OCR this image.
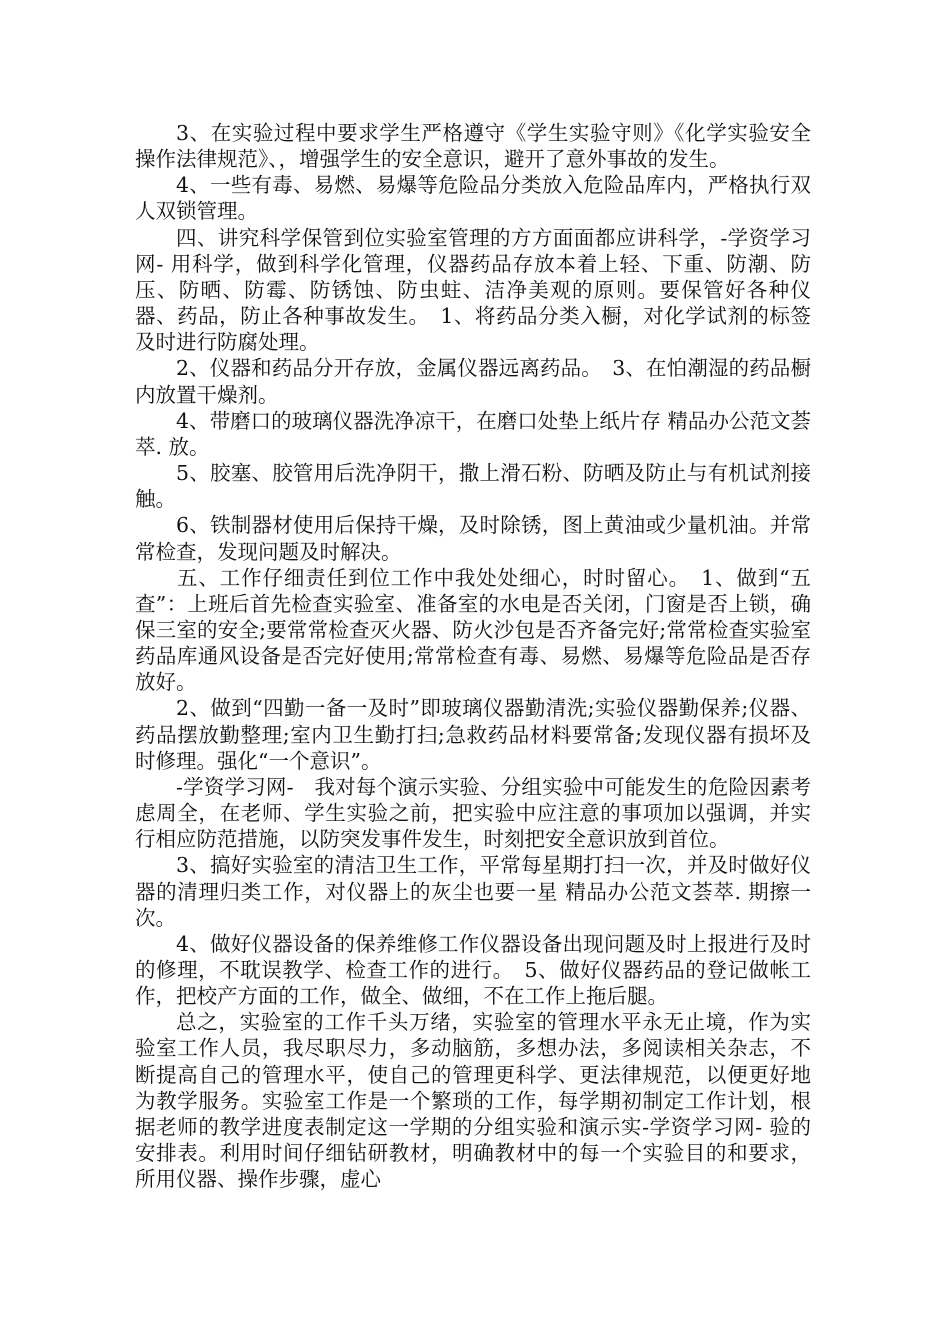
3、在实验过程中要求学生严格遵守《学生实验守则》《化学实验安全操作法律规范》、，增强学生的安全意识，避开了意外事故的发生。

4、一些有毒、易燃、易爆等危险品分类放入危险品库内，严格执行双人双锁管理。

四、讲究科学保管到位实验室管理的方方面面都应讲科学，-学资学习网- 用科学，做到科学化管理，仪器药品存放本着上轻、下重、防潮、防压、防晒、防霉、防锈蚀、防虫蛀、洁净美观的原则。要保管好各种仪器、药品，防止各种事故发生。　1、将药品分类入橱，对化学试剂的标签及时进行防腐处理。

2、仪器和药品分开存放，金属仪器远离药品。　3、在怕潮湿的药品橱内放置干燥剂。

4、带磨口的玻璃仪器洗净凉干，在磨口处垫上纸片存 精品办公范文荟萃. 放。

5、胶塞、胶管用后洗净阴干，撒上滑石粉、防晒及防止与有机试剂接触。

6、铁制器材使用后保持干燥，及时除锈，图上黄油或少量机油。并常常检查，发现问题及时解决。

五、工作仔细责任到位工作中我处处细心，时时留心。　1、做到“五查”：上班后首先检查实验室、准备室的水电是否关闭，门窗是否上锁，确保三室的安全;要常常检查灭火器、防火沙包是否齐备完好;常常检查实验室药品库通风设备是否完好使用;常常检查有毒、易燃、易爆等危险品是否存放好。

2、做到“四勤一备一及时”即玻璃仪器勤清洗;实验仪器勤保养;仪器、药品摆放勤整理;室内卫生勤打扫;急救药品材料要常备;发现仪器有损坏及时修理。强化“一个意识”。

-学资学习网-　我对每个演示实验、分组实验中可能发生的危险因素考虑周全，在老师、学生实验之前，把实验中应注意的事项加以强调，并实行相应防范措施，以防突发事件发生，时刻把安全意识放到首位。

3、搞好实验室的清洁卫生工作，平常每星期打扫一次，并及时做好仪器的清理归类工作，对仪器上的灰尘也要一星 精品办公范文荟萃. 期擦一次。

4、做好仪器设备的保养维修工作仪器设备出现问题及时上报进行及时的修理，不耽误教学、检查工作的进行。　5、做好仪器药品的登记做帐工作，把校产方面的工作，做全、做细，不在工作上拖后腿。

总之，实验室的工作千头万绪，实验室的管理水平永无止境，作为实验室工作人员，我尽职尽力，多动脑筋，多想办法，多阅读相关杂志，不断提高自己的管理水平，使自己的管理更科学、更法律规范，以便更好地为教学服务。实验室工作是一个繁琐的工作，每学期初制定工作计划，根据老师的教学进度表制定这一学期的分组实验和演示实-学资学习网- 验的安排表。利用时间仔细钻研教材，明确教材中的每一个实验目的和要求，所用仪器、操作步骤，虚心
